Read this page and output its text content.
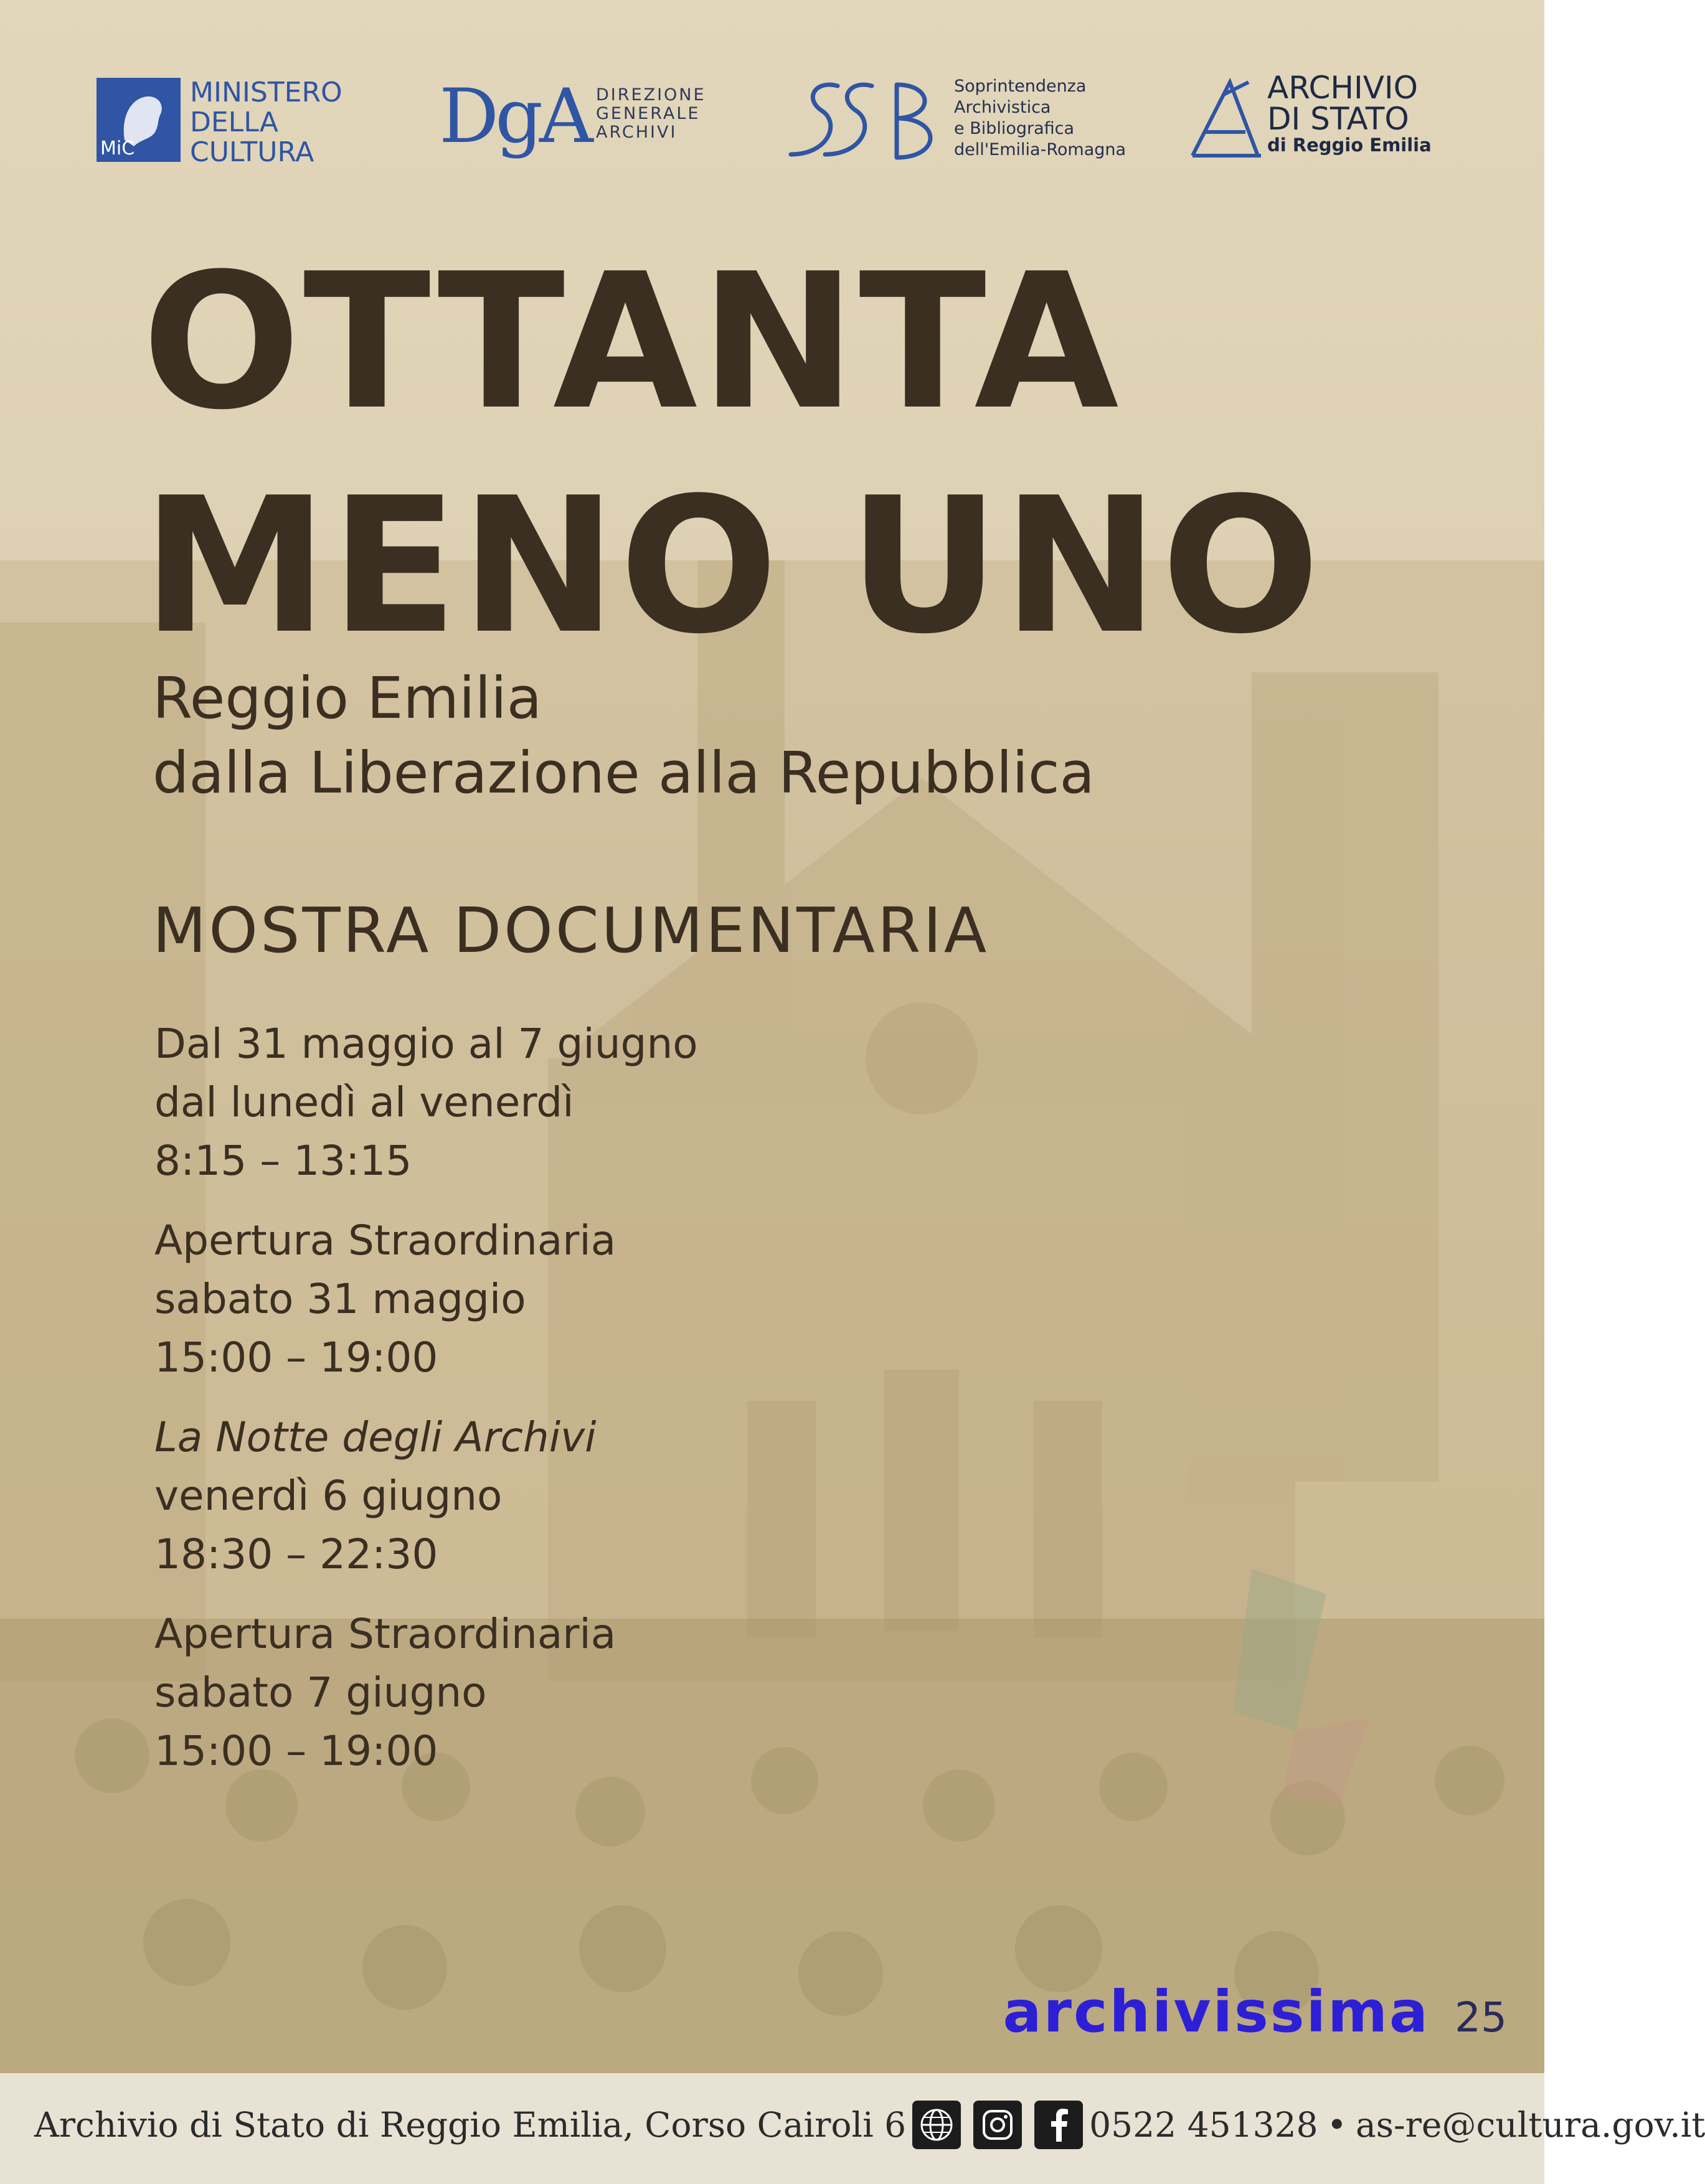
MiC
MINISTERO
DELLA
CULTURA	DgA DIREZIONE
GENERALE
ARCHIVI
Soprintendenza
Archivistica
e Bibliografica
dell'Emilia-Romagna
ARCHIVIO
DI STATO
di Reggio Emilia
OTTANTA
MENO UNO
Reggio Emilia
dalla Liberazione alla Repubblica
MOSTRA DOCUMENTARIA
Dal 31 maggio al 7 giugno
dal lunedì al venerdì
8:15 – 13:15
Apertura Straordinaria
sabato 31 maggio
15:00 – 19:00
La Notte degli Archivi
venerdì 6 giugno
18:30 – 22:30
Apertura Straordinaria
sabato 7 giugno
15:00 – 19:00
archivissima 25
Archivio di Stato di Reggio Emilia, Corso Cairoli 6	0522 451328 • as-re@cultura.gov.it
